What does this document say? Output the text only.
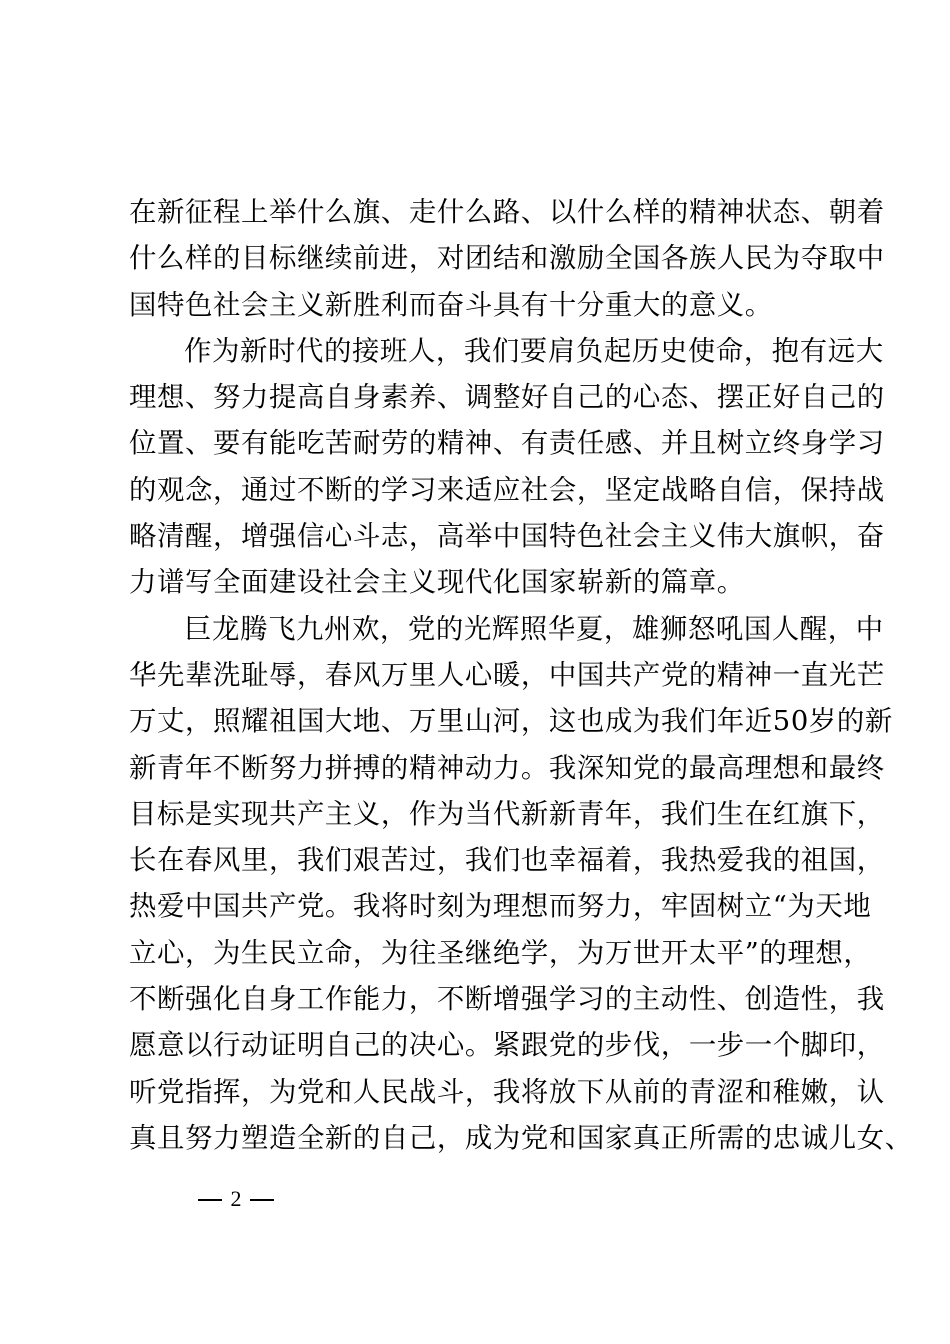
在新征程上举什么旗、走什么路、以什么样的精神状态、朝着
什么样的目标继续前进，对团结和激励全国各族人民为夺取中
国特色社会主义新胜利而奋斗具有十分重大的意义。
作为新时代的接班人，我们要肩负起历史使命，抱有远大
理想、努力提高自身素养、调整好自己的心态、摆正好自己的
位置、要有能吃苦耐劳的精神、有责任感、并且树立终身学习
的观念，通过不断的学习来适应社会，坚定战略自信，保持战
略清醒，增强信心斗志，高举中国特色社会主义伟大旗帜，奋
力谱写全面建设社会主义现代化国家崭新的篇章。
巨龙腾飞九州欢，党的光辉照华夏，雄狮怒吼国人醒，中
华先辈洗耻辱，春风万里人心暖，中国共产党的精神一直光芒
万丈，照耀祖国大地、万里山河，这也成为我们年近50岁的新
新青年不断努力拼搏的精神动力。我深知党的最高理想和最终
目标是实现共产主义，作为当代新新青年，我们生在红旗下，
长在春风里，我们艰苦过，我们也幸福着，我热爱我的祖国，
热爱中国共产党。我将时刻为理想而努力，牢固树立“为天地
立心，为生民立命，为往圣继绝学，为万世开太平”的理想，
不断强化自身工作能力，不断增强学习的主动性、创造性，我
愿意以行动证明自己的决心。紧跟党的步伐，一步一个脚印，
听党指挥，为党和人民战斗，我将放下从前的青涩和稚嫩，认
真且努力塑造全新的自己，成为党和国家真正所需的忠诚儿女、
2
